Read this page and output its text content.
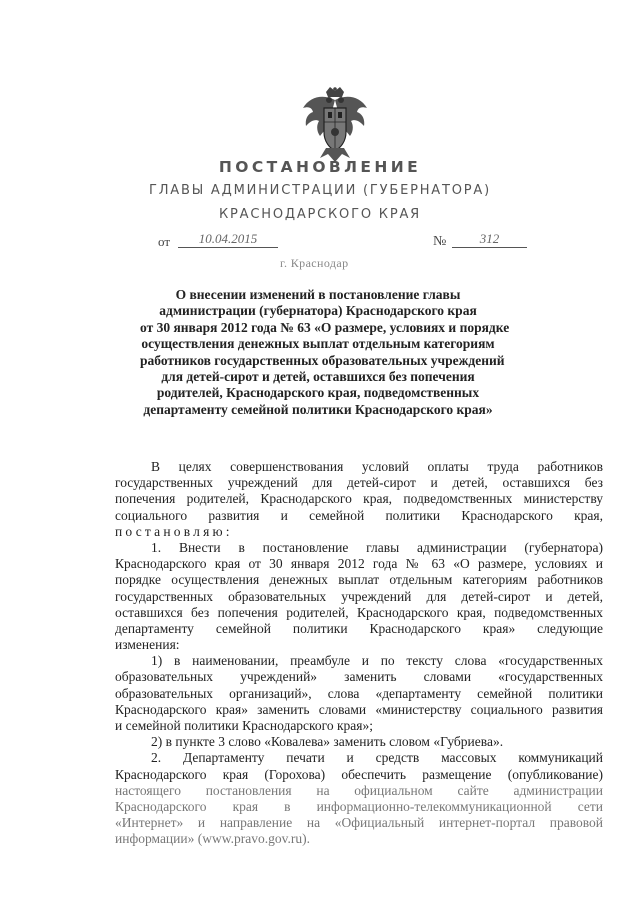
ПОСТАНОВЛЕНИЕ
ГЛАВЫ АДМИНИСТРАЦИИ (ГУБЕРНАТОРА)
КРАСНОДАРСКОГО КРАЯ
от	10.04.2015	№	312
г. Краснодар
О внесении изменений в постановление главы
администрации (губернатора) Краснодарского края
от 30 января 2012 года № 63 «О размере, условиях и порядке
осуществления денежных выплат отдельным категориям
работников государственных образовательных учреждений
для детей-сирот и детей, оставшихся без попечения
родителей, Краснодарского края, подведомственных
департаменту семейной политики Краснодарского края»
В целях совершенствования условий оплаты труда работников
государственных учреждений для детей-сирот и детей, оставшихся без
попечения родителей, Краснодарского края, подведомственных министерству
социального развития и семейной политики Краснодарского края,
постановляю:
1. Внести в постановление главы администрации (губернатора)
Краснодарского края от 30 января 2012 года № 63 «О размере, условиях и
порядке осуществления денежных выплат отдельным категориям работников
государственных образовательных учреждений для детей-сирот и детей,
оставшихся без попечения родителей, Краснодарского края, подведомственных
департаменту семейной политики Краснодарского края» следующие
изменения:
1) в наименовании, преамбуле и по тексту слова «государственных
образовательных учреждений» заменить словами «государственных
образовательных организаций», слова «департаменту семейной политики
Краснодарского края» заменить словами «министерству социального развития
и семейной политики Краснодарского края»;
2) в пункте 3 слово «Ковалева» заменить словом «Губриева».
2. Департаменту печати и средств массовых коммуникаций
Краснодарского края (Горохова) обеспечить размещение (опубликование)
настоящего постановления на официальном сайте администрации
Краснодарского края в информационно-телекоммуникационной сети
«Интернет» и направление на «Официальный интернет-портал правовой
информации» (www.pravo.gov.ru).
